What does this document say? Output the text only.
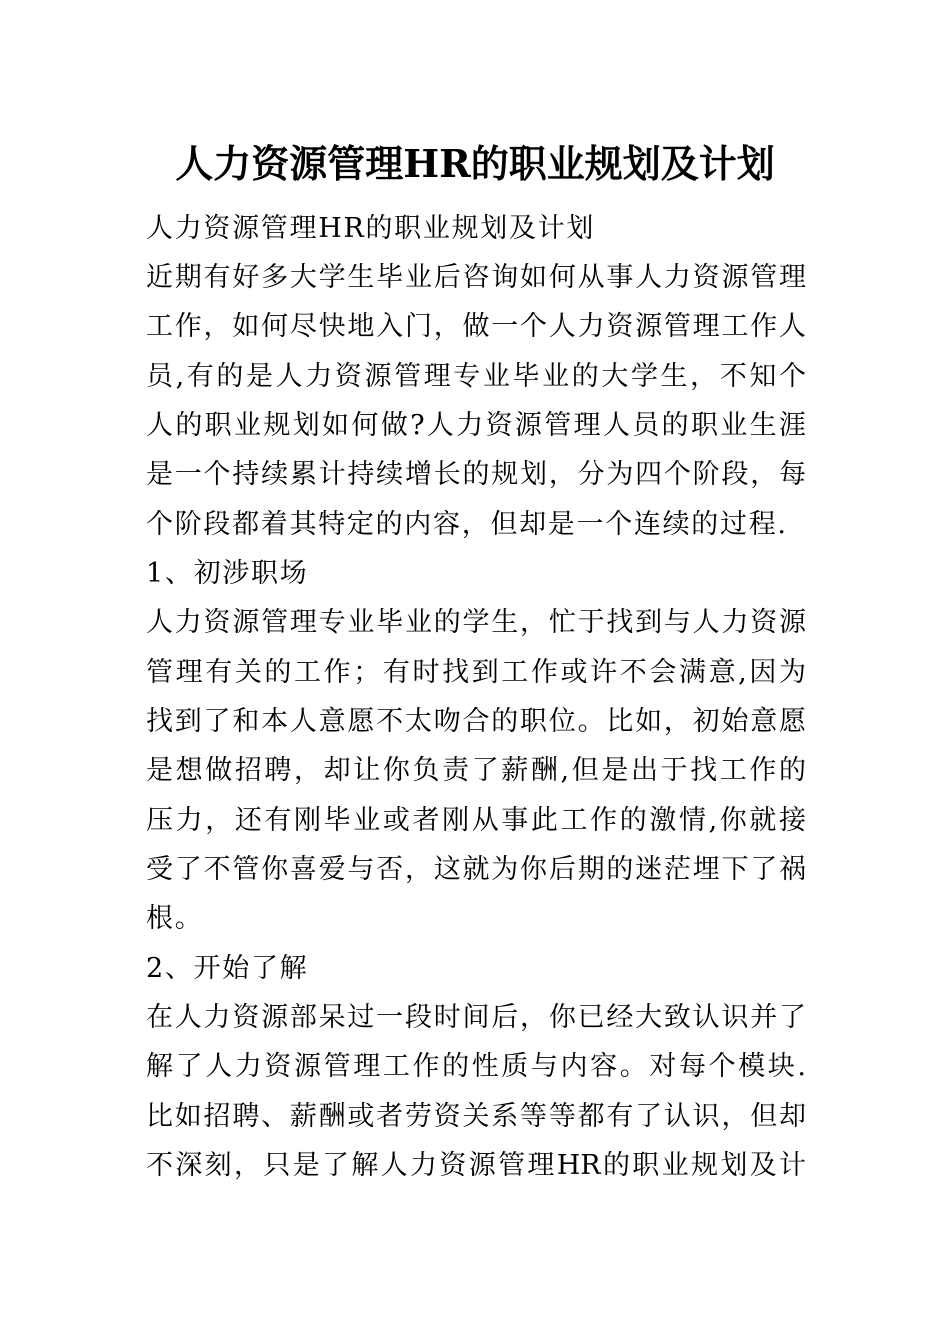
人力资源管理HR的职业规划及计划
人力资源管理HR的职业规划及计划
近期有好多大学生毕业后咨询如何从事人力资源管理
工作，如何尽快地入门，做一个人力资源管理工作人
员,有的是人力资源管理专业毕业的大学生，不知个
人的职业规划如何做?人力资源管理人员的职业生涯
是一个持续累计持续增长的规划，分为四个阶段，每
个阶段都着其特定的内容，但却是一个连续的过程.
1、初涉职场
人力资源管理专业毕业的学生，忙于找到与人力资源
管理有关的工作；有时找到工作或许不会满意,因为
找到了和本人意愿不太吻合的职位。比如，初始意愿
是想做招聘，却让你负责了薪酬,但是出于找工作的
压力，还有刚毕业或者刚从事此工作的激情,你就接
受了不管你喜爱与否，这就为你后期的迷茫埋下了祸
根。
2、开始了解
在人力资源部呆过一段时间后，你已经大致认识并了
解了人力资源管理工作的性质与内容。对每个模块.
比如招聘、薪酬或者劳资关系等等都有了认识，但却
不深刻，只是了解人力资源管理HR的职业规划及计
